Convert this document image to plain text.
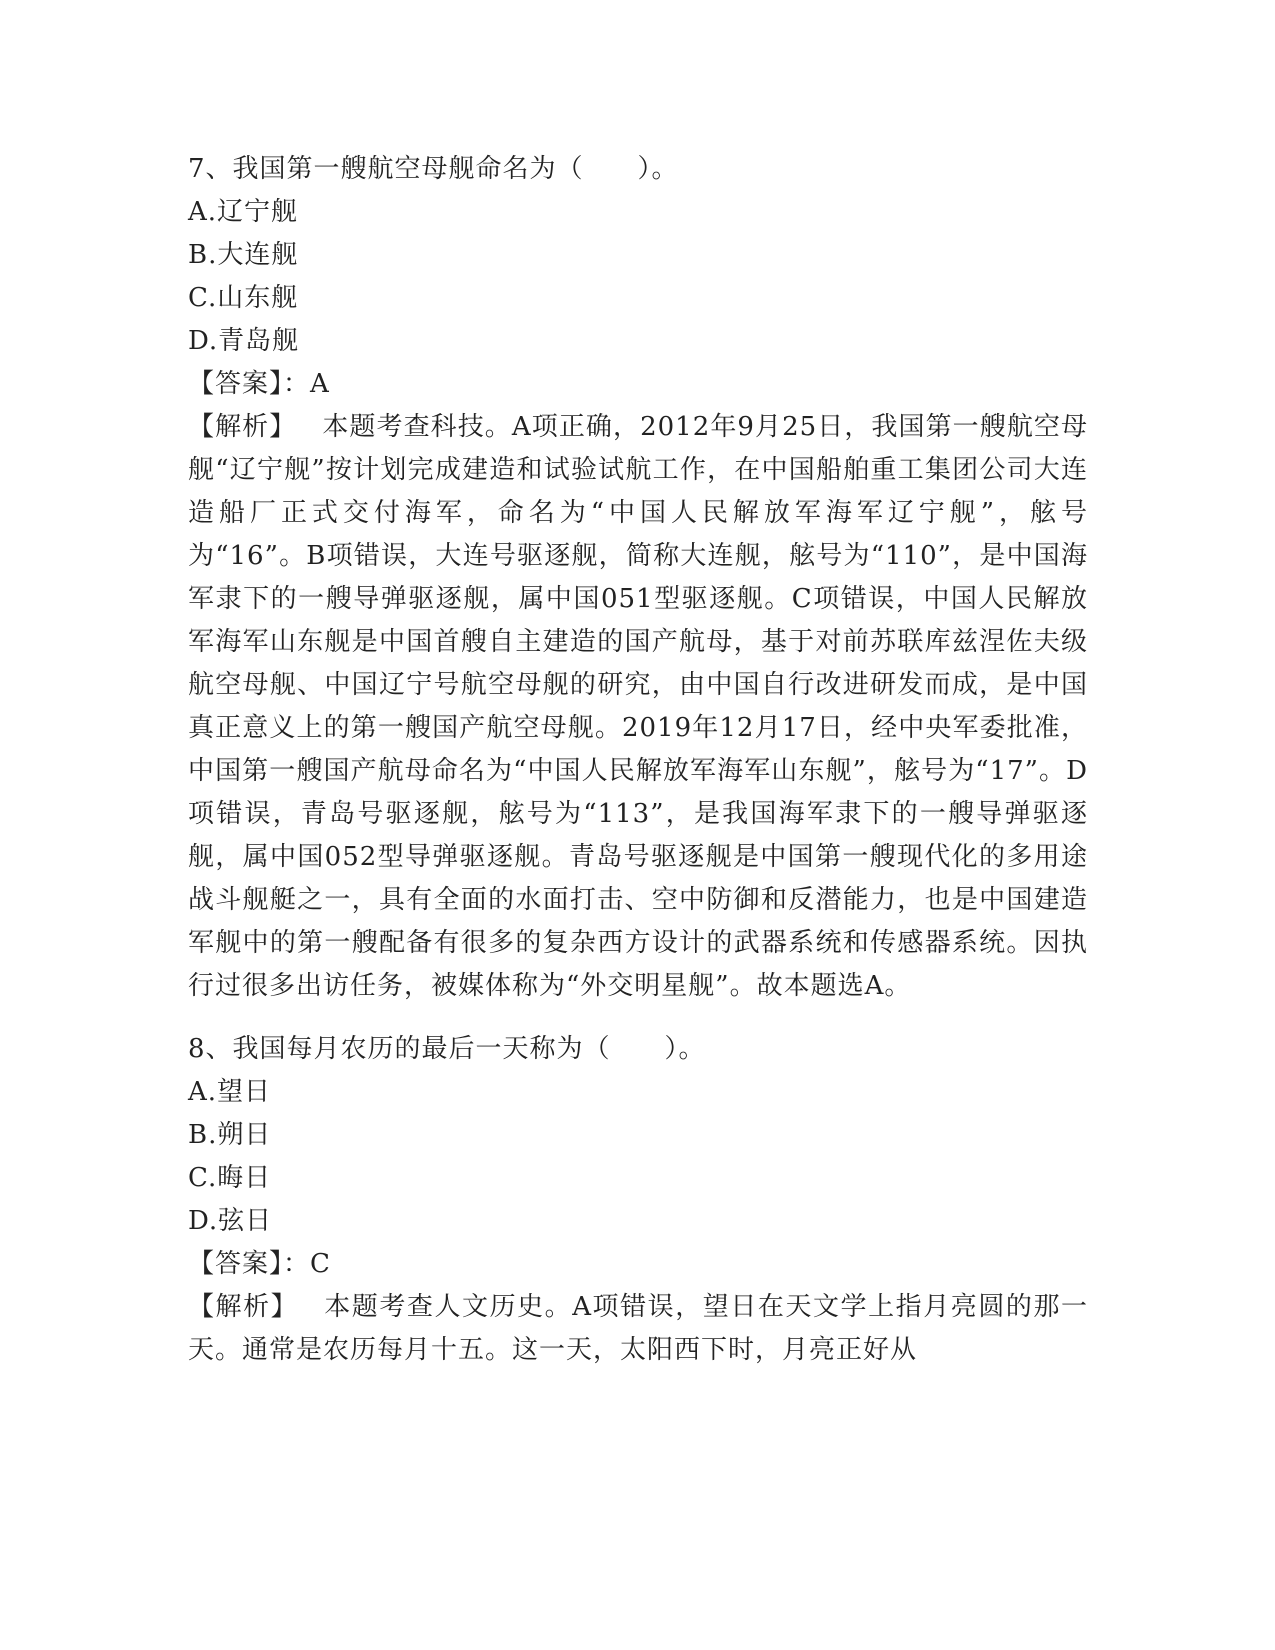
7、我国第一艘航空母舰命名为（　　）。
A.辽宁舰
B.大连舰
C.山东舰
D.青岛舰
【答案】：A
【解析】 本题考查科技。A项正确，2012年9月25日，我国第一艘航空母舰“辽宁舰”按计划完成建造和试验试航工作，在中国船舶重工集团公司大连造船厂正式交付海军，命名为“中国人民解放军海军辽宁舰”，舷号为“16”。B项错误，大连号驱逐舰，简称大连舰，舷号为“110”，是中国海军隶下的一艘导弹驱逐舰，属中国051型驱逐舰。C项错误，中国人民解放军海军山东舰是中国首艘自主建造的国产航母，基于对前苏联库兹涅佐夫级航空母舰、中国辽宁号航空母舰的研究，由中国自行改进研发而成，是中国真正意义上的第一艘国产航空母舰。2019年12月17日，经中央军委批准，中国第一艘国产航母命名为“中国人民解放军海军山东舰”，舷号为“17”。D项错误，青岛号驱逐舰，舷号为“113”，是我国海军隶下的一艘导弹驱逐舰，属中国052型导弹驱逐舰。青岛号驱逐舰是中国第一艘现代化的多用途战斗舰艇之一，具有全面的水面打击、空中防御和反潜能力，也是中国建造军舰中的第一艘配备有很多的复杂西方设计的武器系统和传感器系统。因执行过很多出访任务，被媒体称为“外交明星舰”。故本题选A。
8、我国每月农历的最后一天称为（　　）。
A.望日
B.朔日
C.晦日
D.弦日
【答案】：C
【解析】 本题考查人文历史。A项错误，望日在天文学上指月亮圆的那一天。通常是农历每月十五。这一天，太阳西下时，月亮正好从
